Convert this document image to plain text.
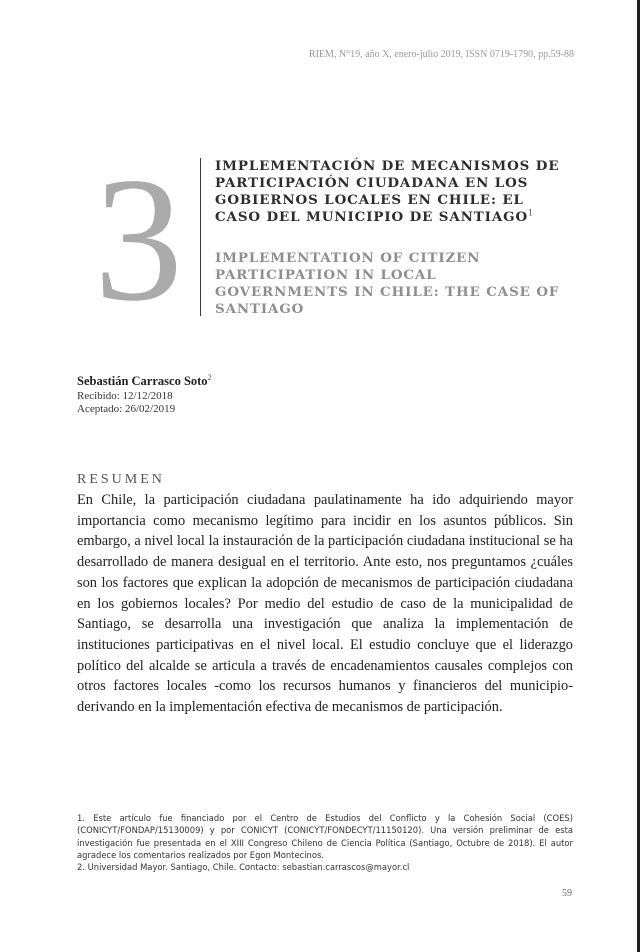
RIEM, N°19, año X, enero-julio 2019, ISSN 0719-1790, pp.59-88
3 IMPLEMENTACIÓN DE MECANISMOS DE PARTICIPACIÓN CIUDADANA EN LOS GOBIERNOS LOCALES EN CHILE: EL CASO DEL MUNICIPIO DE SANTIAGO$^1$
IMPLEMENTATION OF CITIZEN PARTICIPATION IN LOCAL GOVERNMENTS IN CHILE: THE CASE OF SANTIAGO
Sebastián Carrasco Soto$^2$
Recibido: 12/12/2018
Aceptado: 26/02/2019
RESUMEN

En Chile, la participación ciudadana paulatinamente ha ido adquiriendo mayor importancia como mecanismo legítimo para incidir en los asuntos públicos. Sin embargo, a nivel local la instauración de la participación ciudadana institucional se ha desarrollado de manera desigual en el territorio. Ante esto, nos preguntamos ¿cuáles son los factores que explican la adopción de mecanismos de participación ciudadana en los gobiernos locales? Por medio del estudio de caso de la municipalidad de Santiago, se desarrolla una investigación que analiza la implementación de instituciones participativas en el nivel local. El estudio concluye que el liderazgo político del alcalde se articula a través de encadenamientos causales complejos con otros factores locales -como los recursos humanos y financieros del municipio- derivando en la implementación efectiva de mecanismos de participación.

1. Este artículo fue financiado por el Centro de Estudios del Conflicto y la Cohesión Social (COES) (CONICYT/FONDAP/15130009) y por CONICYT (CONICYT/FONDECYT/11150120). Una versión preliminar de esta investigación fue presentada en el XIII Congreso Chileno de Ciencia Política (Santiago, Octubre de 2018). El autor agradece los comentarios realizados por Egon Montecinos.

2. Universidad Mayor. Santiago, Chile. Contacto: sebastian.carrascos@mayor.cl

59
